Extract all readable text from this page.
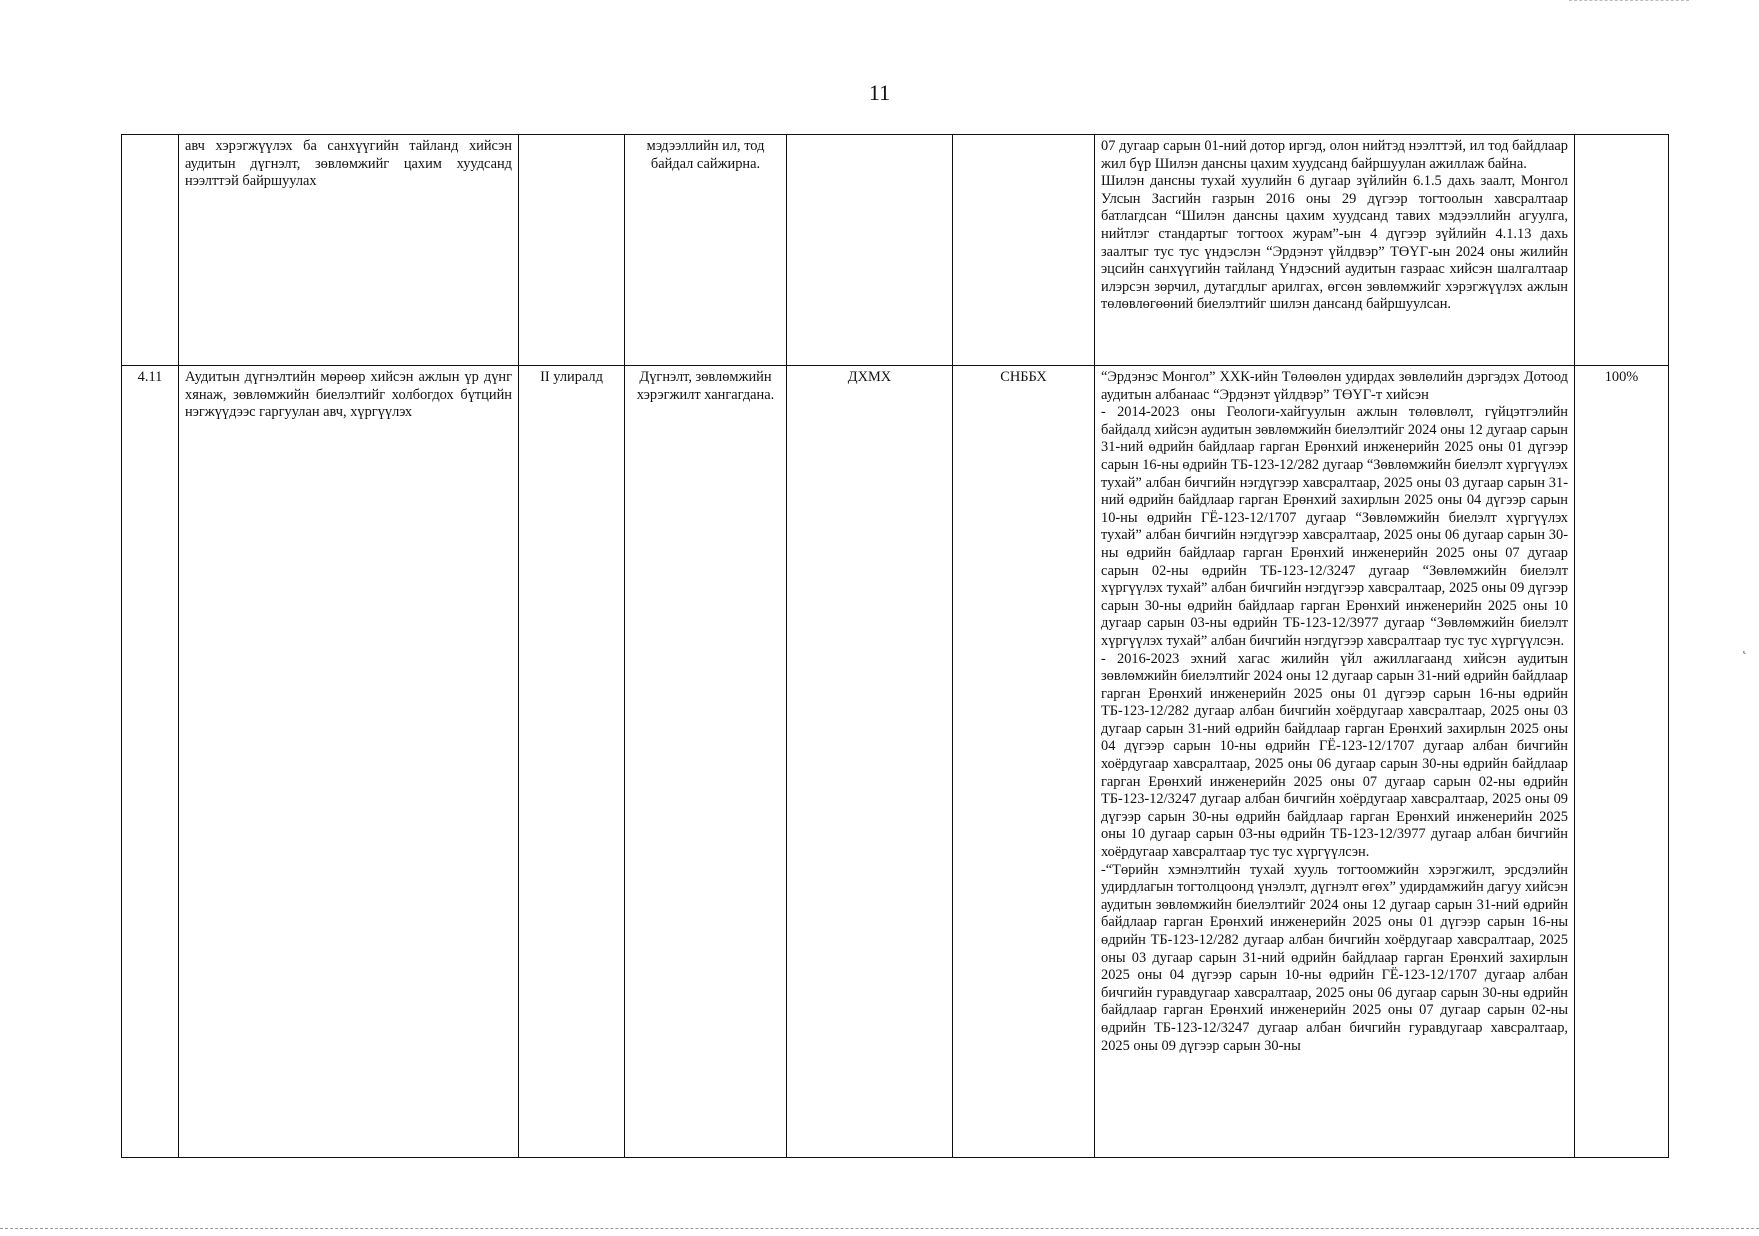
11
	авч хэрэгжүүлэх ба санхүүгийн тайланд хийсэн аудитын дүгнэлт, зөвлөмжийг цахим хуудсанд нээлттэй байршуулах		мэдээллийн ил, тод байдал сайжирна.			07 дугаар сарын 01-ний дотор иргэд, олон нийтэд нээлттэй, ил тод байдлаар жил бүр Шилэн дансны цахим хуудсанд байршуулан ажиллаж байна.

Шилэн дансны тухай хуулийн 6 дугаар зүйлийн 6.1.5 дахь заалт, Монгол Улсын Засгийн газрын 2016 оны 29 дүгээр тогтоолын хавсралтаар батлагдсан “Шилэн дансны цахим хуудсанд тавих мэдээллийн агуулга, нийтлэг стандартыг тогтоох журам”-ын 4 дүгээр зүйлийн 4.1.13 дахь заалтыг тус тус үндэслэн “Эрдэнэт үйлдвэр” ТӨҮГ-ын 2024 оны жилийн эцсийн санхүүгийн тайланд Үндэсний аудитын газраас хийсэн шалгалтаар илэрсэн зөрчил, дутагдлыг арилгах, өгсөн зөвлөмжийг хэрэгжүүлэх ажлын төлөвлөгөөний биелэлтийг шилэн дансанд байршуулсан.	

4.11	Аудитын дүгнэлтийн мөрөөр хийсэн ажлын үр дүнг хянаж, зөвлөмжийн биелэлтийг холбогдох бүтцийн нэгжүүдээс гаргуулан авч, хүргүүлэх	II улиралд	Дүгнэлт, зөвлөмжийн хэрэгжилт хангагдана.	ДХМХ	СНББХ	“Эрдэнэс Монгол” ХХК-ийн Төлөөлөн удирдах зөвлөлийн дэргэдэх Дотоод аудитын албанаас “Эрдэнэт үйлдвэр” ТӨҮГ-т хийсэн

- 2014-2023 оны Геологи-хайгуулын ажлын төлөвлөлт, гүйцэтгэлийн байдалд хийсэн аудитын зөвлөмжийн биелэлтийг 2024 оны 12 дугаар сарын 31-ний өдрийн байдлаар гарган Ерөнхий инженерийн 2025 оны 01 дүгээр сарын 16-ны өдрийн ТБ-123-12/282 дугаар “Зөвлөмжийн биелэлт хүргүүлэх тухай” албан бичгийн нэгдүгээр хавсралтаар, 2025 оны 03 дугаар сарын 31-ний өдрийн байдлаар гарган Ерөнхий захирлын 2025 оны 04 дүгээр сарын 10-ны өдрийн ГЁ-123-12/1707 дугаар “Зөвлөмжийн биелэлт хүргүүлэх тухай” албан бичгийн нэгдүгээр хавсралтаар, 2025 оны 06 дугаар сарын 30-ны өдрийн байдлаар гарган Ерөнхий инженерийн 2025 оны 07 дугаар сарын 02-ны өдрийн ТБ-123-12/3247 дугаар “Зөвлөмжийн биелэлт хүргүүлэх тухай” албан бичгийн нэгдүгээр хавсралтаар, 2025 оны 09 дүгээр сарын 30-ны өдрийн байдлаар гарган Ерөнхий инженерийн 2025 оны 10 дугаар сарын 03-ны өдрийн ТБ-123-12/3977 дугаар “Зөвлөмжийн биелэлт хүргүүлэх тухай” албан бичгийн нэгдүгээр хавсралтаар тус тус хүргүүлсэн.

- 2016-2023 эхний хагас жилийн үйл ажиллагаанд хийсэн аудитын зөвлөмжийн биелэлтийг 2024 оны 12 дугаар сарын 31-ний өдрийн байдлаар гарган Ерөнхий инженерийн 2025 оны 01 дүгээр сарын 16-ны өдрийн ТБ-123-12/282 дугаар албан бичгийн хоёрдугаар хавсралтаар, 2025 оны 03 дугаар сарын 31-ний өдрийн байдлаар гарган Ерөнхий захирлын 2025 оны 04 дүгээр сарын 10-ны өдрийн ГЁ-123-12/1707 дугаар албан бичгийн хоёрдугаар хавсралтаар, 2025 оны 06 дугаар сарын 30-ны өдрийн байдлаар гарган Ерөнхий инженерийн 2025 оны 07 дугаар сарын 02-ны өдрийн ТБ-123-12/3247 дугаар албан бичгийн хоёрдугаар хавсралтаар, 2025 оны 09 дүгээр сарын 30-ны өдрийн байдлаар гарган Ерөнхий инженерийн 2025 оны 10 дугаар сарын 03-ны өдрийн ТБ-123-12/3977 дугаар албан бичгийн хоёрдугаар хавсралтаар тус тус хүргүүлсэн.

-“Төрийн хэмнэлтийн тухай хууль тогтоомжийн хэрэгжилт, эрсдэлийн удирдлагын тогтолцоонд үнэлэлт, дүгнэлт өгөх” удирдамжийн дагуу хийсэн аудитын зөвлөмжийн биелэлтийг 2024 оны 12 дугаар сарын 31-ний өдрийн байдлаар гарган Ерөнхий инженерийн 2025 оны 01 дүгээр сарын 16-ны өдрийн ТБ-123-12/282 дугаар албан бичгийн хоёрдугаар хавсралтаар, 2025 оны 03 дугаар сарын 31-ний өдрийн байдлаар гарган Ерөнхий захирлын 2025 оны 04 дүгээр сарын 10-ны өдрийн ГЁ-123-12/1707 дугаар албан бичгийн гуравдугаар хавсралтаар, 2025 оны 06 дугаар сарын 30-ны өдрийн байдлаар гарган Ерөнхий инженерийн 2025 оны 07 дугаар сарын 02-ны өдрийн ТБ-123-12/3247 дугаар албан бичгийн гуравдугаар хавсралтаар, 2025 оны 09 дүгээр сарын 30-ны	100%
˛
